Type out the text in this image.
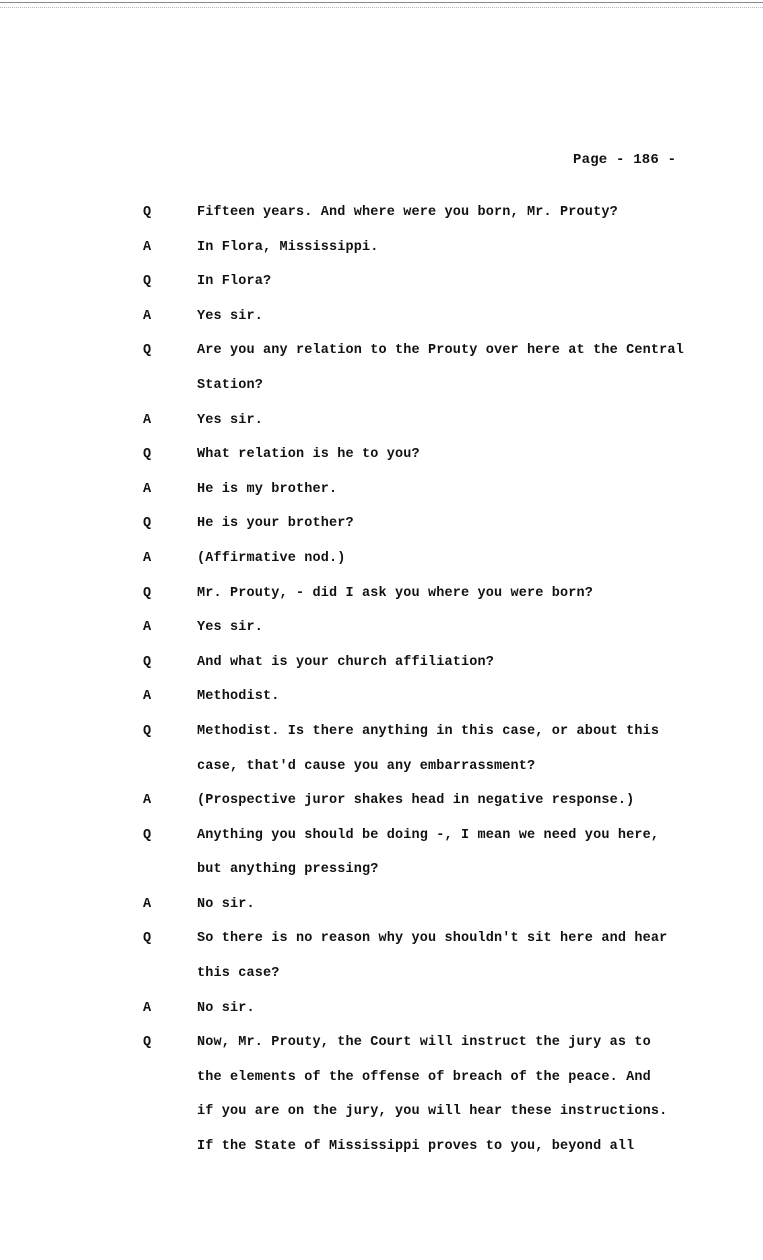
Page - 186 -
Q	Fifteen years. And where were you born, Mr. Prouty?
A	In Flora, Mississippi.
Q	In Flora?
A	Yes sir.
Q	Are you any relation to the Prouty over here at the Central
Station?
A	Yes sir.
Q	What relation is he to you?
A	He is my brother.
Q	He is your brother?
A	(Affirmative nod.)
Q	Mr. Prouty, - did I ask you where you were born?
A	Yes sir.
Q	And what is your church affiliation?
A	Methodist.
Q	Methodist. Is there anything in this case, or about this
case, that'd cause you any embarrassment?
A	(Prospective juror shakes head in negative response.)
Q	Anything you should be doing -, I mean we need you here,
but anything pressing?
A	No sir.
Q	So there is no reason why you shouldn't sit here and hear
this case?
A	No sir.
Q	Now, Mr. Prouty, the Court will instruct the jury as to
the elements of the offense of breach of the peace. And
if you are on the jury, you will hear these instructions.
If the State of Mississippi proves to you, beyond all
